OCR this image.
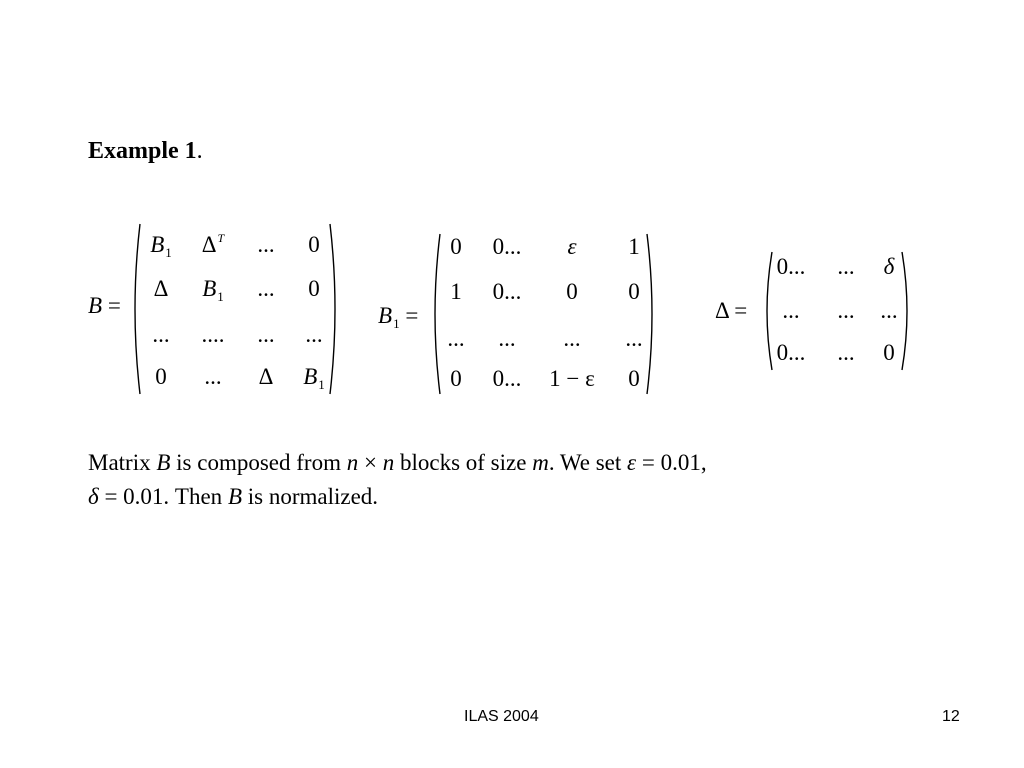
Example 1.
B =
$B_1$	$\Delta^T$	...	0
Δ	$B_1$	...	0
...	....	...	...
0	...	Δ	$B_1$
$B_1$ =
0	0...	ε	1
1	0...	0	0
...	...	...	...
0	0...	1 − ε	0
Δ =
0...	...	δ
...	...	...
0...	...	0
Matrix B is composed from n × n blocks of size m. We set ε = 0.01,
δ = 0.01. Then B is normalized.
ILAS 2004	12
